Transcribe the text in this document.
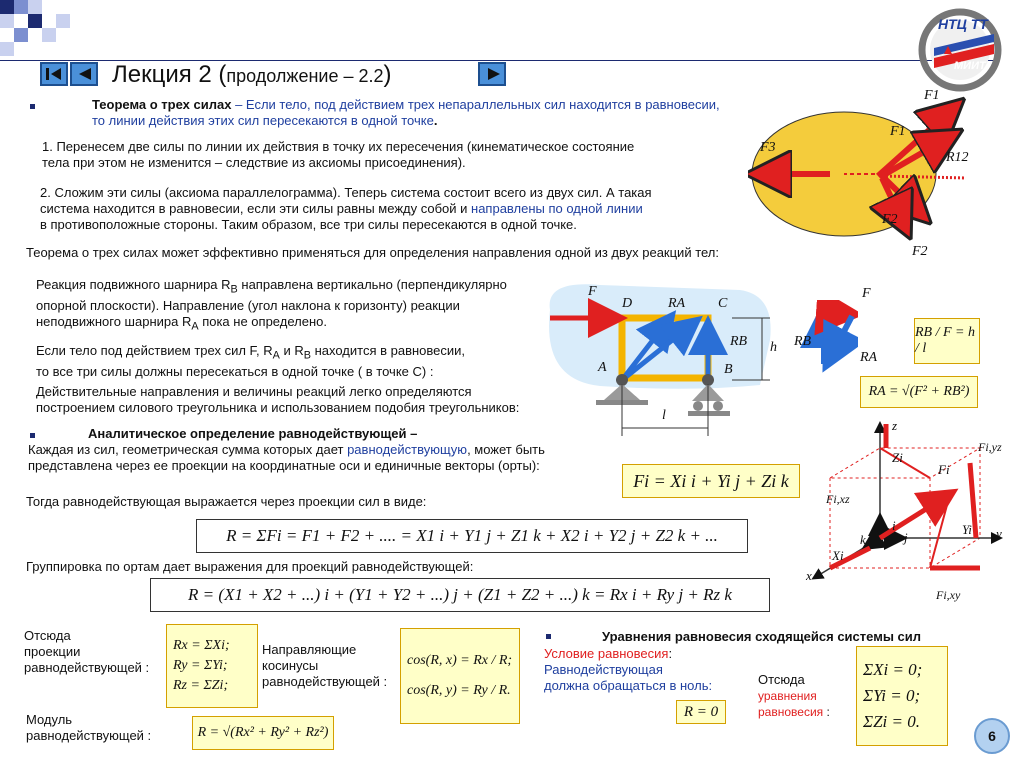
Лекция 2 (продолжение – 2.2)
НТЦ ТТ
МИИТ
Теорема о трех силах – Если тело, под действием трех непараллельных сил находится в равновесии,
то линии действия этих сил пересекаются в одной точке.
1. Перенесем две силы по линии их действия в точку их пересечения (кинематическое состояние
тела при этом не изменится – следствие из аксиомы присоединения).
2. Сложим эти силы (аксиома параллелограмма). Теперь система состоит всего из двух сил. А такая
система находится в равновесии, если эти силы равны между собой и направлены по одной линии
в противоположные стороны. Таким образом, все три силы пересекаются в одной точке.
Теорема о трех силах может эффективно применяться для определения направления одной из двух реакций тел:
F1
F1
F3
R12
F2
F2
Реакция подвижного шарнира $R_B$ направлена вертикально (перпендикулярно
опорной плоскости). Направление (угол наклона к горизонту) реакции
неподвижного шарнира $R_A$ пока не определено.
Если тело под действием трех сил F, $R_A$ и $R_B$ находится в равновесии,
то все три силы должны пересекаться в одной точке ( в точке C) :
Действительные направления и величины реакций легко определяются
построением силового треугольника и использованием подобия треугольников:
F
D	RA C
RB h
A	B
l
F
RB
RA
RB / F = h / l
RA = √(F² + RB²)
Аналитическое определение равнодействующей –
Каждая из сил, геометрическая сумма которых дает равнодействующую, может быть
представлена через ее проекции на координатные оси и единичные векторы (орты):
Fi = Xi i + Yi j + Zi k
Тогда равнодействующая выражается через проекции сил в виде:
R = ΣFi = F1 + F2 + .... = X1 i + Y1 j + Z1 k + X2 i + Y2 j + Z2 k + ...
Группировка по ортам дает выражения для проекций равнодействующей:
R = (X1 + X2 + ...) i + (Y1 + Y2 + ...) j + (Z1 + Z2 + ...) k = Rx i + Ry j + Rz k
z
Fi,yz
Zi
Fi
Fi,xz
i
j
Yi y
k
Xi
x
Fi,xy
Отсюда
проекции
равнодействующей :
Rx = ΣXi;
Ry = ΣYi;
Rz = ΣZi;
Направляющие
косинусы
равнодействующей :
cos(R, x) = Rx / R;
cos(R, y) = Ry / R.
Модуль
равнодействующей :	R = √(Rx² + Ry² + Rz²)
Уравнения равновесия сходящейся системы сил
Условие равновесия:
Равнодействующая
должна обращаться в ноль:
R = 0
Отсюда
уравнения
равновесия :
ΣXi = 0;
ΣYi = 0;
ΣZi = 0.
6
